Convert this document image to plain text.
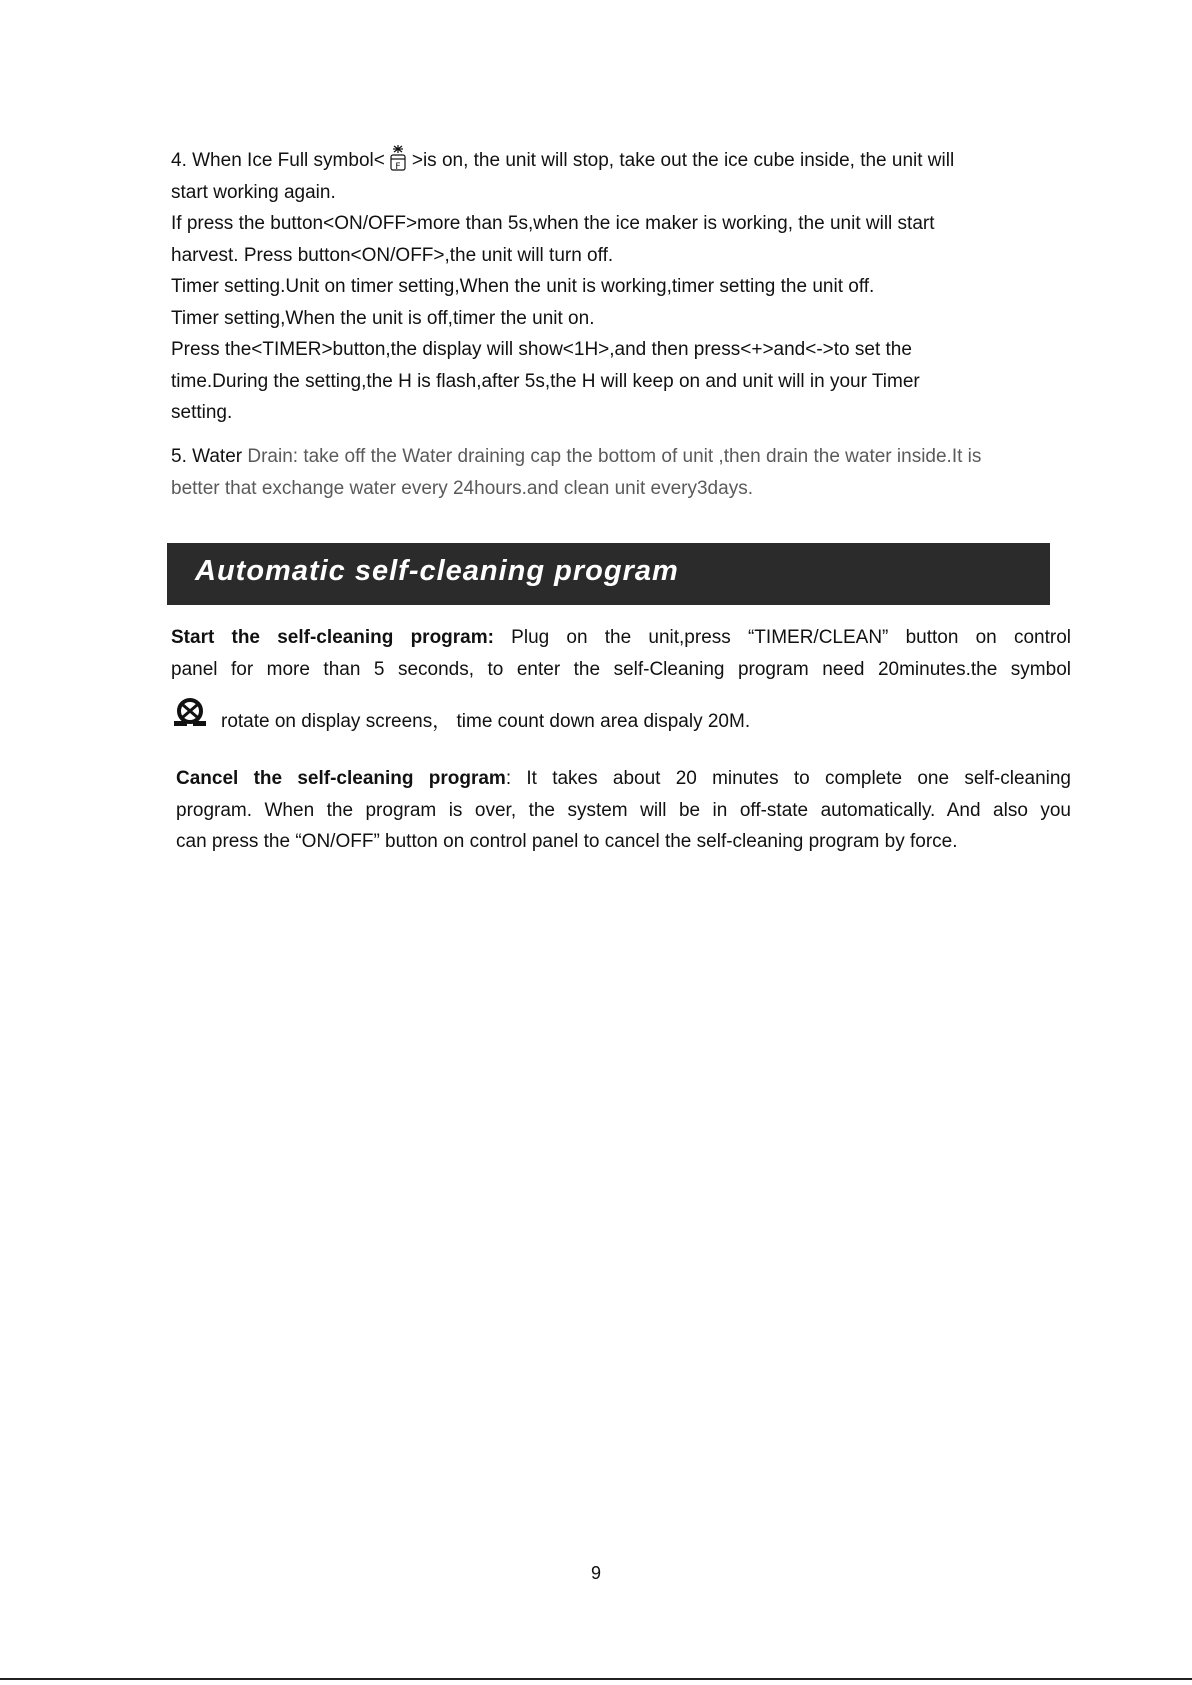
4. When Ice Full symbol< F >is on, the unit will stop, take out the ice cube inside, the unit will
start working again.
If press the button<ON/OFF>more than 5s,when the ice maker is working, the unit will start
harvest. Press button<ON/OFF>,the unit will turn off.
Timer setting.Unit on timer setting,When the unit is working,timer setting the unit off.
Timer setting,When the unit is off,timer the unit on.
Press the<TIMER>button,the display will show<1H>,and then press<+>and<->to set the
time.During the setting,the H is flash,after 5s,the H will keep on and unit will in your Timer
setting.
5. Water Drain: take off the Water draining cap the bottom of unit ,then drain the water inside.It is
better that exchange water every 24hours.and clean unit every3days.
Automatic self-cleaning program
Start the self-cleaning program: Plug on the unit,press “TIMER/CLEAN” button on control
panel for more than 5 seconds, to enter the self-Cleaning program need 20minutes.the symbol
rotate on display screens， time count down area dispaly 20M.
Cancel the self-cleaning program: It takes about 20 minutes to complete one self-cleaning
program. When the program is over, the system will be in off-state automatically. And also you
can press the “ON/OFF” button on control panel to cancel the self-cleaning program by force.
9
